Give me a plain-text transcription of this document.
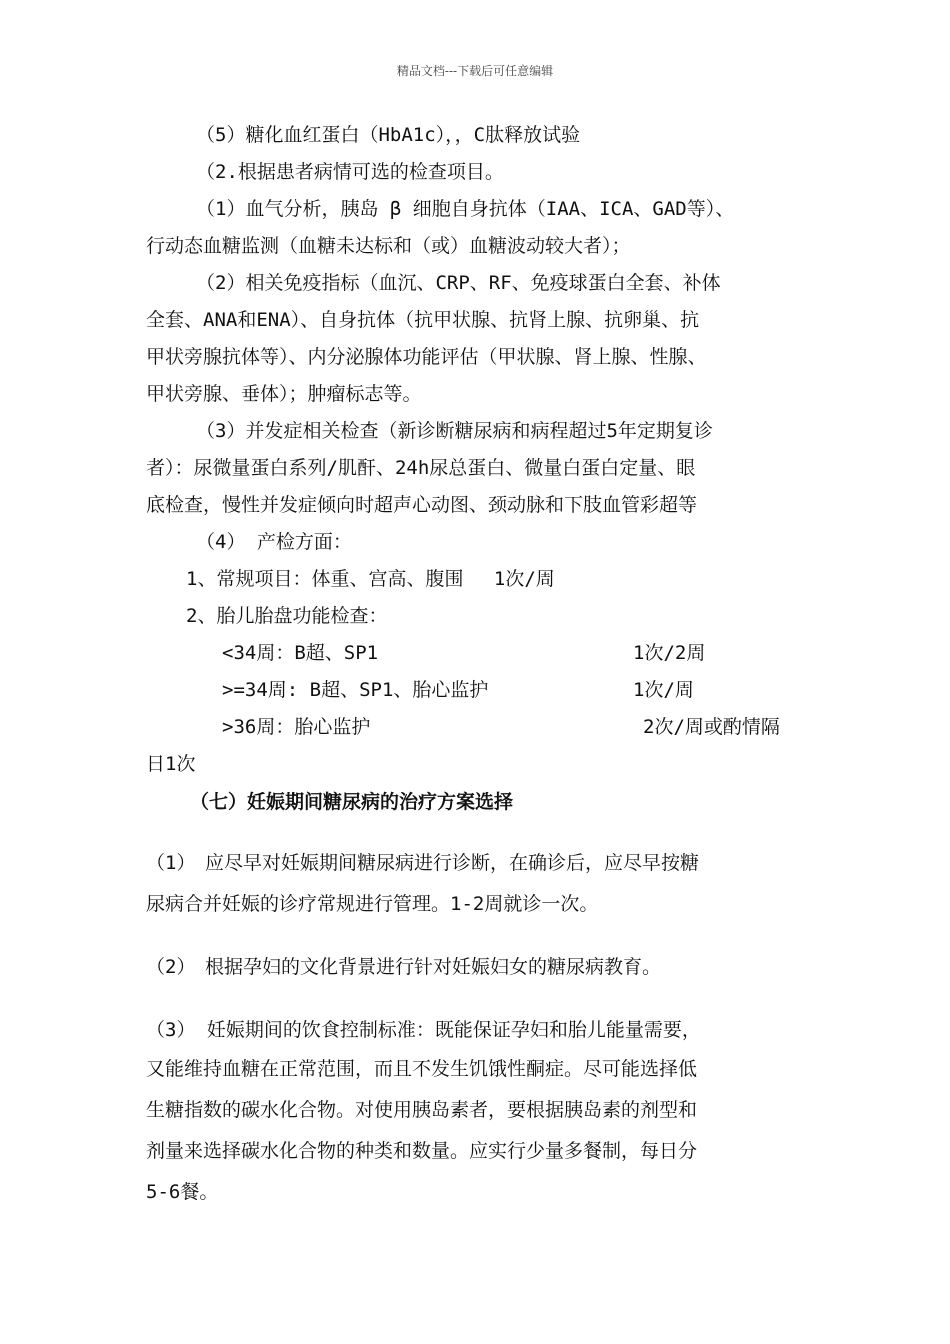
精品文档---下载后可任意编辑
（5）糖化血红蛋白（HbA1c），，C肽释放试验
（2.根据患者病情可选的检查项目。
（1）血气分析，胰岛 β 细胞自身抗体（IAA、ICA、GAD等）、
行动态血糖监测（血糖未达标和（或）血糖波动较大者）；
（2）相关免疫指标（血沉、CRP、RF、免疫球蛋白全套、补体
全套、ANA和ENA）、自身抗体（抗甲状腺、抗肾上腺、抗卵巢、抗
甲状旁腺抗体等）、内分泌腺体功能评估（甲状腺、肾上腺、性腺、
甲状旁腺、垂体）；肿瘤标志等。
（3）并发症相关检查（新诊断糖尿病和病程超过5年定期复诊
者）：尿微量蛋白系列/肌酐、24h尿总蛋白、微量白蛋白定量、眼
底检查，慢性并发症倾向时超声心动图、颈动脉和下肢血管彩超等
（4） 产检方面：
1、常规项目：体重、宫高、腹围　 1次/周
2、胎儿胎盘功能检查：
<34周：B超、SP1	1次/2周
>=34周: B超、SP1、胎心监护	1次/周
>36周：胎心监护	2次/周或酌情隔
日1次
（七）妊娠期间糖尿病的治疗方案选择
（1）　应尽早对妊娠期间糖尿病进行诊断，在确诊后，应尽早按糖
尿病合并妊娠的诊疗常规进行管理。1-2周就诊一次。
（2）　根据孕妇的文化背景进行针对妊娠妇女的糖尿病教育。
（3） 妊娠期间的饮食控制标准：既能保证孕妇和胎儿能量需要，
又能维持血糖在正常范围，而且不发生饥饿性酮症。尽可能选择低
生糖指数的碳水化合物。对使用胰岛素者，要根据胰岛素的剂型和
剂量来选择碳水化合物的种类和数量。应实行少量多餐制，每日分
5-6餐。
